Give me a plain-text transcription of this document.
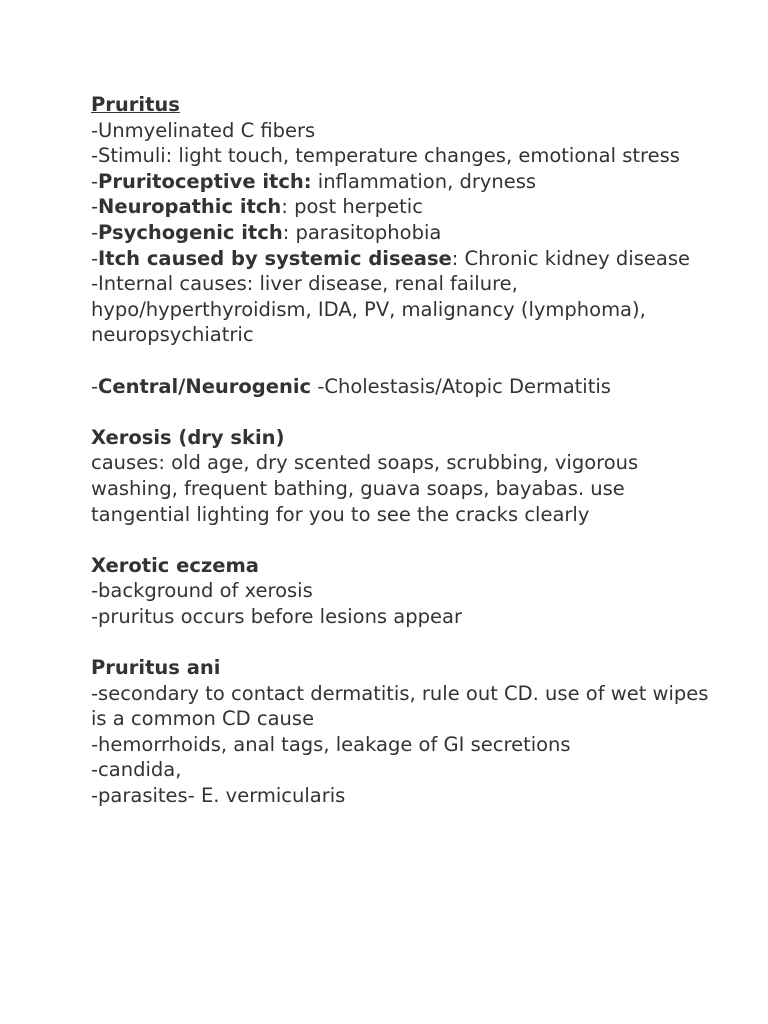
Pruritus
-Unmyelinated C fibers
-Stimuli: light touch, temperature changes, emotional stress
-Pruritoceptive itch: inflammation, dryness
-Neuropathic itch: post herpetic
-Psychogenic itch: parasitophobia
-Itch caused by systemic disease: Chronic kidney disease
-Internal causes: liver disease, renal failure, hypo/hyperthyroidism, IDA, PV, malignancy (lymphoma), neuropsychiatric
-Central/Neurogenic -Cholestasis/Atopic Dermatitis
Xerosis (dry skin)
causes: old age, dry scented soaps, scrubbing, vigorous washing, frequent bathing, guava soaps, bayabas. use tangential lighting for you to see the cracks clearly
Xerotic eczema
-background of xerosis
-pruritus occurs before lesions appear
Pruritus ani
-secondary to contact dermatitis, rule out CD. use of wet wipes is a common CD cause
-hemorrhoids, anal tags, leakage of GI secretions
-candida,
-parasites- E. vermicularis
